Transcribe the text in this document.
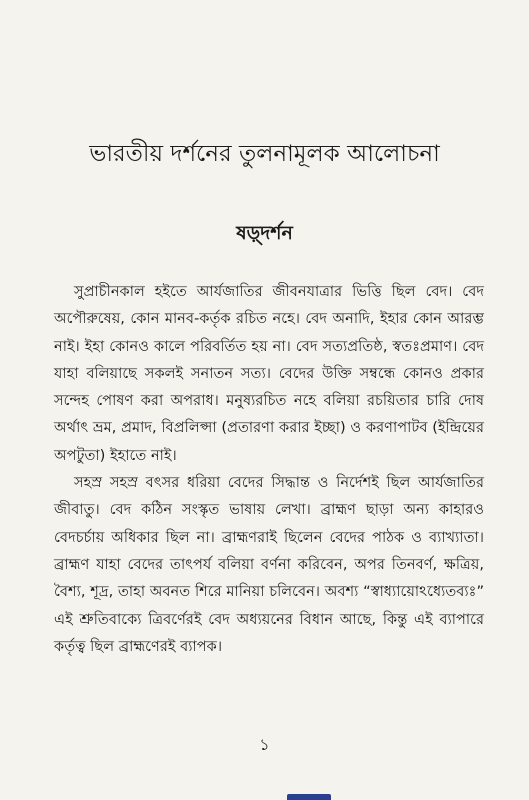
ভারতীয় দর্শনের তুলনামূলক আলোচনা
ষড়্দর্শন

সুপ্রাচীনকাল হইতে আর্যজাতির জীবনযাত্রার ভিত্তি ছিল বেদ। বেদ অপৌরুষেয়, কোন মানব-কর্তৃক রচিত নহে। বেদ অনাদি, ইহার কোন আরম্ভ নাই। ইহা কোনও কালে পরিবর্তিত হয় না। বেদ সত্যপ্রতিষ্ঠ, স্বতঃপ্রমাণ। বেদ যাহা বলিয়াছে সকলই সনাতন সত্য। বেদের উক্তি সম্বন্ধে কোনও প্রকার সন্দেহ পোষণ করা অপরাধ। মনুষ্যরচিত নহে বলিয়া রচয়িতার চারি দোষ অর্থাৎ ভ্রম, প্রমাদ, বিপ্রলিপ্সা (প্রতারণা করার ইচ্ছা) ও করণাপাটব (ইন্দ্রিয়ের অপটুতা) ইহাতে নাই।

সহস্র সহস্র বৎসর ধরিয়া বেদের সিদ্ধান্ত ও নির্দেশই ছিল আর্যজাতির জীবাতু। বেদ কঠিন সংস্কৃত ভাষায় লেখা। ব্রাহ্মণ ছাড়া অন্য কাহারও বেদচর্চায় অধিকার ছিল না। ব্রাহ্মণরাই ছিলেন বেদের পাঠক ও ব্যাখ্যাতা। ব্রাহ্মণ যাহা বেদের তাৎপর্য বলিয়া বর্ণনা করিবেন, অপর তিনবর্ণ, ক্ষত্রিয়, বৈশ্য, শূদ্র, তাহা অবনত শিরে মানিয়া চলিবেন। অবশ্য “স্বাধ্যায়োঽধ্যেতব্যঃ” এই শ্রুতিবাক্যে ত্রিবর্ণেরই বেদ অধ্যয়নের বিধান আছে, কিন্তু এই ব্যাপারে কর্তৃত্ব ছিল ব্রাহ্মণেরই ব্যাপক।

১
